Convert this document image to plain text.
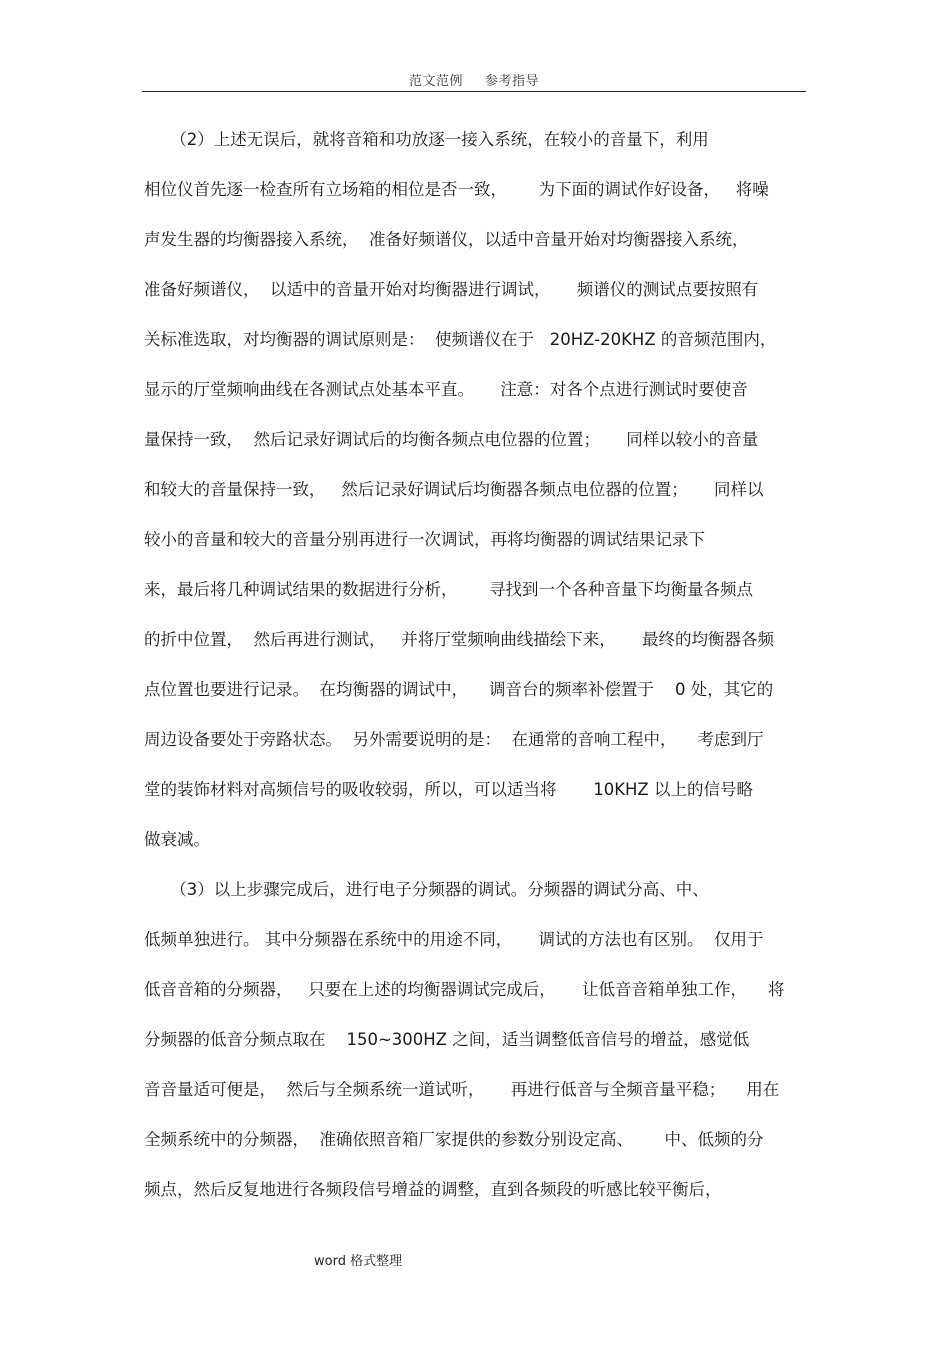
范文范例 参考指导
（2）上述无误后，就将音箱和功放逐一接入系统，在较小的音量下，利用
相位仪首先逐一检查所有立场箱的相位是否一致，      为下面的调试作好设备，   将噪
声发生器的均衡器接入系统，  准备好频谱仪，以适中音量开始对均衡器接入系统，
准备好频谱仪，  以适中的音量开始对均衡器进行调试，     频谱仪的测试点要按照有
关标准选取，对均衡器的调试原则是：  使频谱仪在于   20HZ-20KHZ 的音频范围内，
显示的厅堂频响曲线在各测试点处基本平直。     注意：对各个点进行测试时要使音
量保持一致，  然后记录好调试后的均衡各频点电位器的位置；     同样以较小的音量
和较大的音量保持一致，   然后记录好调试后均衡器各频点电位器的位置；     同样以
较小的音量和较大的音量分别再进行一次调试，再将均衡器的调试结果记录下
来，最后将几种调试结果的数据进行分析，      寻找到一个各种音量下均衡量各频点
的折中位置，  然后再进行测试，   并将厅堂频响曲线描绘下来，     最终的均衡器各频
点位置也要进行记录。  在均衡器的调试中，    调音台的频率补偿置于    0 处，其它的
周边设备要处于旁路状态。  另外需要说明的是：  在通常的音响工程中，    考虑到厅
堂的装饰材料对高频信号的吸收较弱，所以，可以适当将       10KHZ 以上的信号略
做衰减。
（3）以上步骤完成后，进行电子分频器的调试。分频器的调试分高、中、
低频单独进行。 其中分频器在系统中的用途不同，     调试的方法也有区别。  仅用于
低音音箱的分频器，   只要在上述的均衡器调试完成后，     让低音音箱单独工作，    将
分频器的低音分频点取在    150~300HZ 之间，适当调整低音信号的增益，感觉低
音音量适可便是，  然后与全频系统一道试听，     再进行低音与全频音量平稳；    用在
全频系统中的分频器，  准确依照音箱厂家提供的参数分别设定高、      中、低频的分
频点，然后反复地进行各频段信号增益的调整，直到各频段的听感比较平衡后，
word 格式整理
